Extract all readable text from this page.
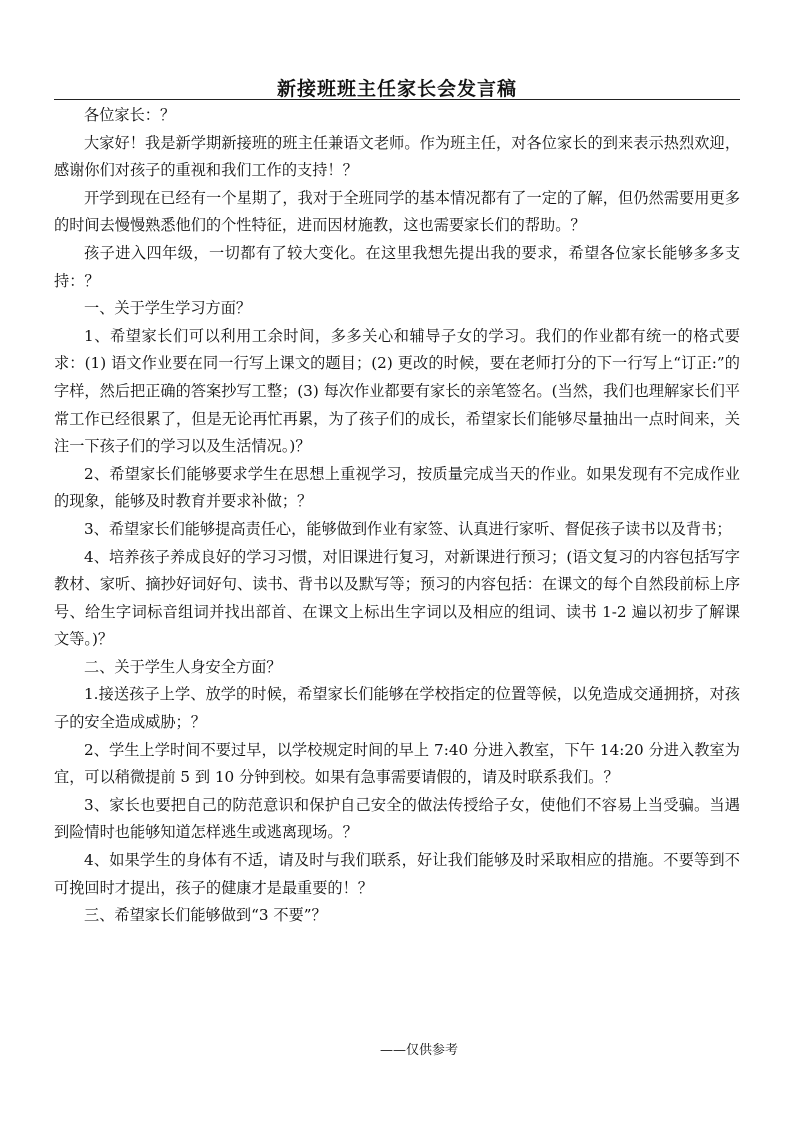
新接班班主任家长会发言稿

各位家长：？

大家好！我是新学期新接班的班主任兼语文老师。作为班主任，对各位家长的到来表示热烈欢迎，感谢你们对孩子的重视和我们工作的支持！？

开学到现在已经有一个星期了，我对于全班同学的基本情况都有了一定的了解，但仍然需要用更多的时间去慢慢熟悉他们的个性特征，进而因材施教，这也需要家长们的帮助。？

孩子进入四年级，一切都有了较大变化。在这里我想先提出我的要求，希望各位家长能够多多支持：？

一、关于学生学习方面？

1、希望家长们可以利用工余时间，多多关心和辅导子女的学习。我们的作业都有统一的格式要求：(1) 语文作业要在同一行写上课文的题目；(2) 更改的时候，要在老师打分的下一行写上“订正:”的字样，然后把正确的答案抄写工整；(3) 每次作业都要有家长的亲笔签名。(当然，我们也理解家长们平常工作已经很累了，但是无论再忙再累，为了孩子们的成长，希望家长们能够尽量抽出一点时间来，关注一下孩子们的学习以及生活情况。)？

2、希望家长们能够要求学生在思想上重视学习，按质量完成当天的作业。如果发现有不完成作业的现象，能够及时教育并要求补做；？

3、希望家长们能够提高责任心，能够做到作业有家签、认真进行家听、督促孩子读书以及背书；

4、培养孩子养成良好的学习习惯，对旧课进行复习，对新课进行预习；(语文复习的内容包括写字教材、家听、摘抄好词好句、读书、背书以及默写等；预习的内容包括：在课文的每个自然段前标上序号、给生字词标音组词并找出部首、在课文上标出生字词以及相应的组词、读书 1-2 遍以初步了解课文等。)？

二、关于学生人身安全方面？

1.接送孩子上学、放学的时候，希望家长们能够在学校指定的位置等候，以免造成交通拥挤，对孩子的安全造成威胁；？

2、学生上学时间不要过早，以学校规定时间的早上 7:40 分进入教室，下午 14:20 分进入教室为宜，可以稍微提前 5 到 10 分钟到校。如果有急事需要请假的，请及时联系我们。？

3、家长也要把自己的防范意识和保护自己安全的做法传授给子女，使他们不容易上当受骗。当遇到险情时也能够知道怎样逃生或逃离现场。？

4、如果学生的身体有不适，请及时与我们联系，好让我们能够及时采取相应的措施。不要等到不可挽回时才提出，孩子的健康才是最重要的！？

三、希望家长们能够做到“3 不要”？

——仅供参考
